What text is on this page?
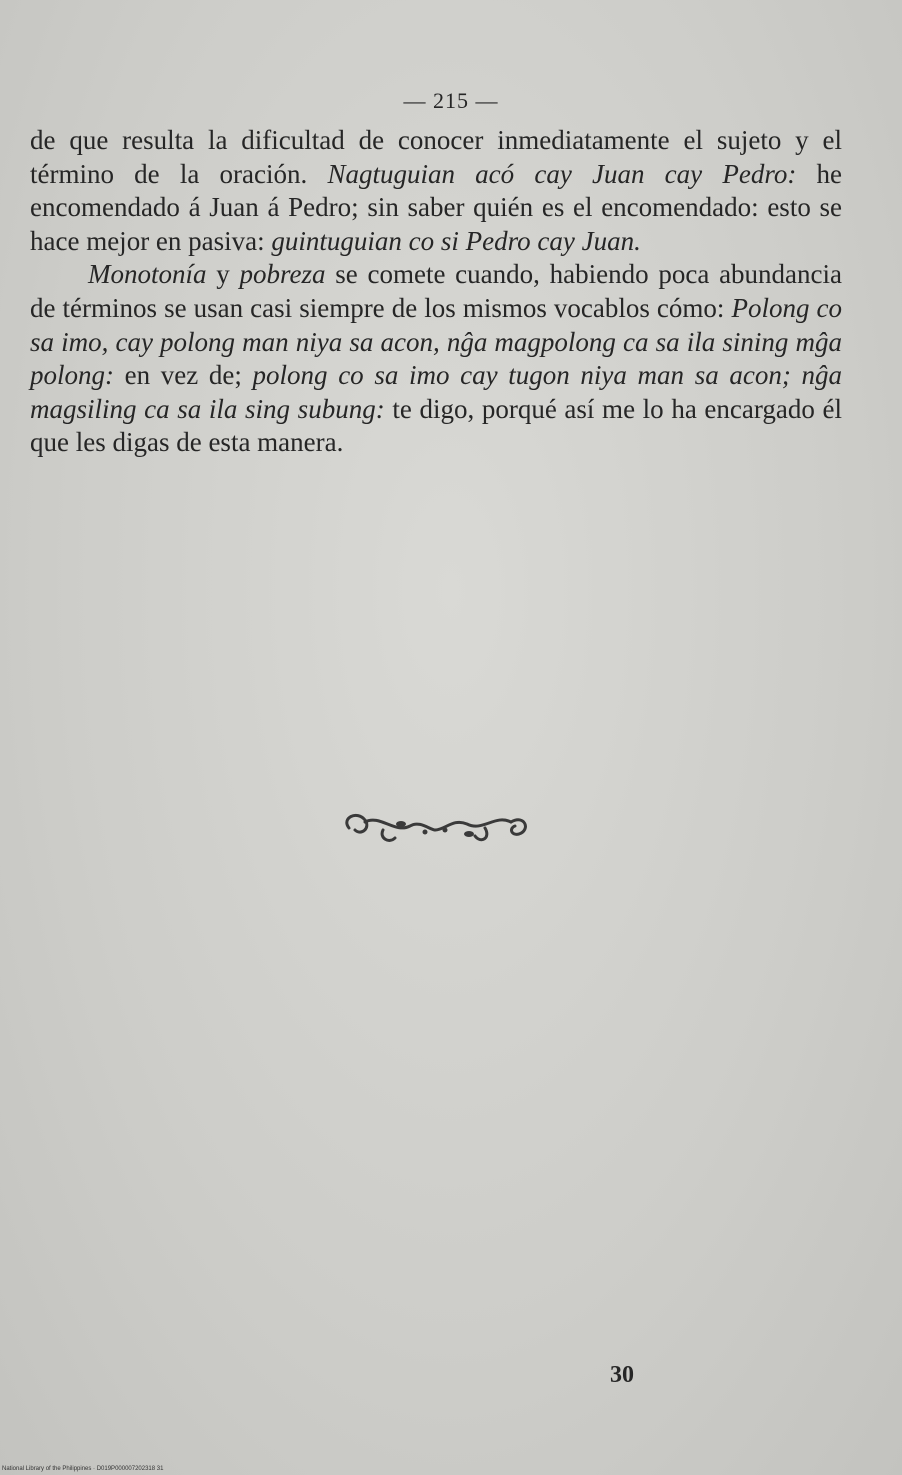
— 215 —

de que resulta la dificultad de conocer inmediatamente el sujeto y el término de la oración. Nagtuguian acó cay Juan cay Pedro: he encomendado á Juan á Pedro; sin saber quién es el encomendado: esto se hace mejor en pasiva: guintuguian co si Pedro cay Juan.

Monotonía y pobreza se comete cuando, habiendo poca abundancia de términos se usan casi siempre de los mismos vocablos cómo: Polong co sa imo, cay polong man niya sa acon, nĝa magpolong ca sa ila sining mĝa polong: en vez de; polong co sa imo cay tugon niya man sa acon; nĝa magsiling ca sa ila sing subung: te digo, porqué así me lo ha encargado él que les digas de esta manera.

30
National Library of the Philippines · D019P000007202318 31
